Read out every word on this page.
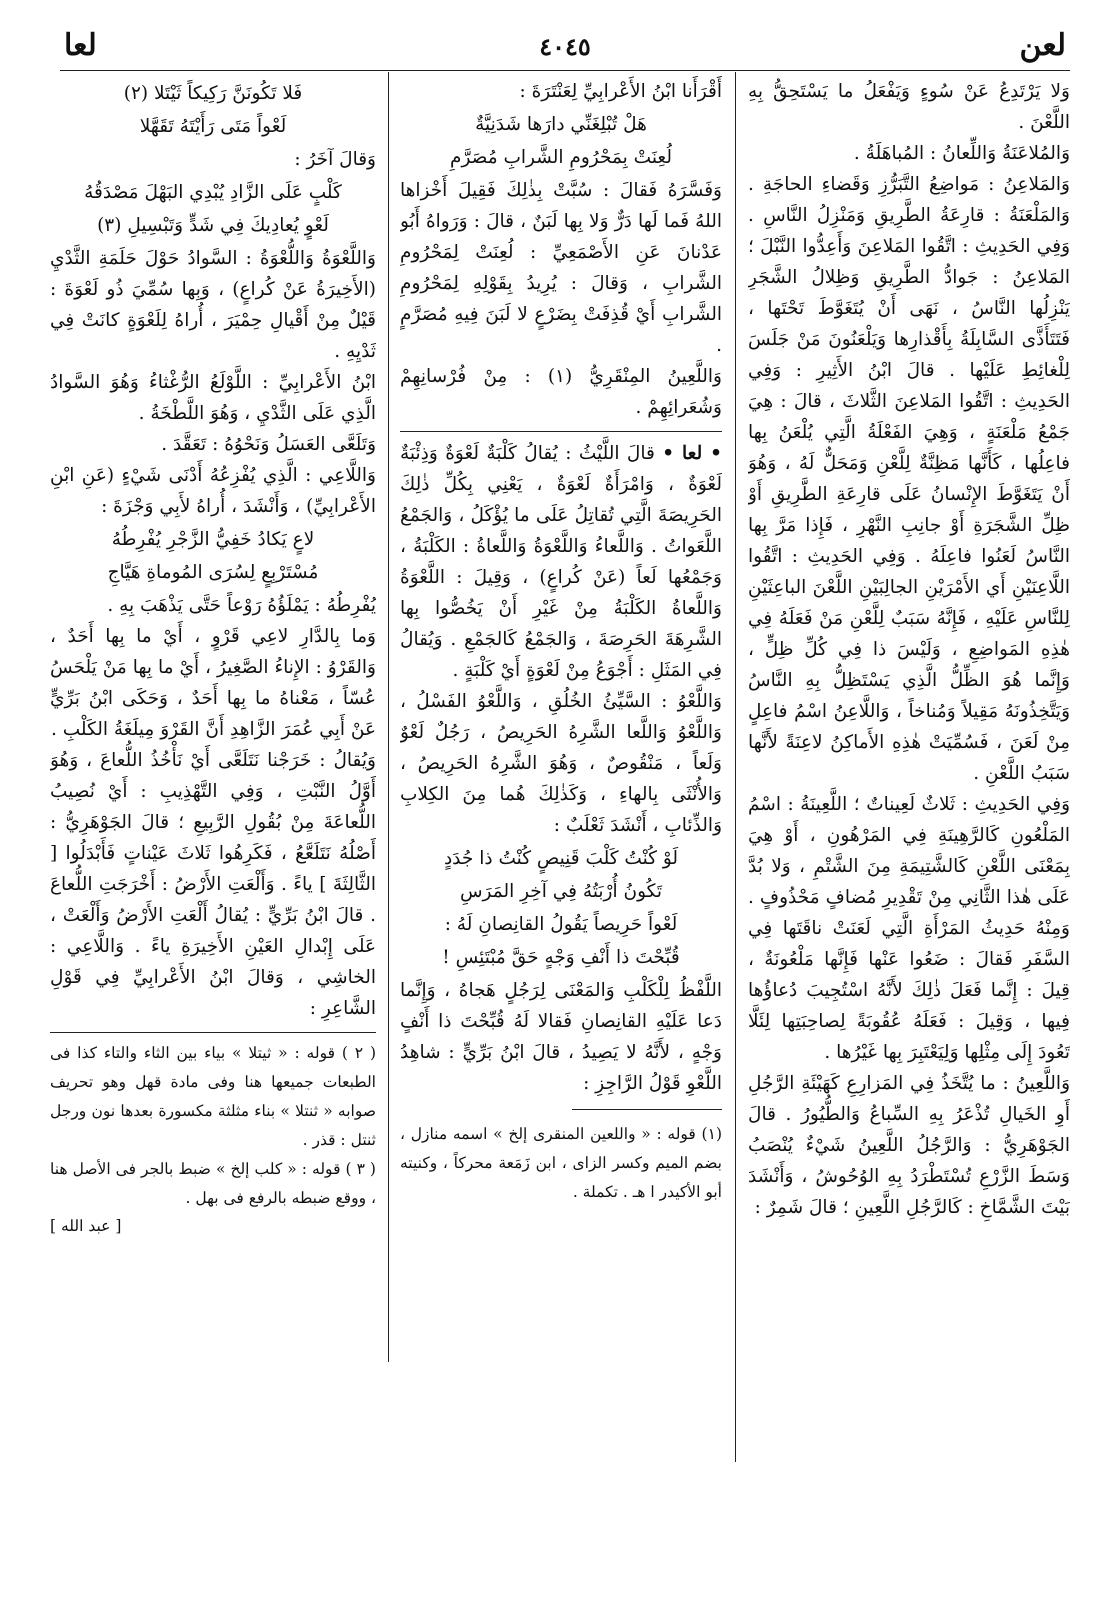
لعا	٤٠٤٥	لعن

وَلا يَرْتَدِعُ عَنْ سُوءٍ وَيَفْعَلُ ما يَسْتَحِقُّ بِهِ اللَّعْنَ .

وَالمُلاعَنَةُ وَاللِّعانُ : المُباهَلَةُ .

وَالمَلاعِنُ : مَواضِعُ التَّبَرُّزِ وَقَضاءِ الحاجَةِ . وَالمَلْعَنَةُ : قارِعَةُ الطَّرِيقِ وَمَنْزِلُ النَّاسِ . وَفِي الحَدِيثِ : اتَّقُوا المَلاعِنَ وَأَعِدُّوا النَّبْلَ ؛ المَلاعِنُ : جَوادُّ الطَّرِيقِ وَظِلالُ الشَّجَرِ يَنْزِلُها النَّاسُ ، نَهَى أَنْ يُتَغَوَّطَ تَحْتَها ، فَتَتَأَذَّى السَّابِلَةُ بِأَقْذارِها وَيَلْعَنُونَ مَنْ جَلَسَ لِلْغائِطِ عَلَيْها . قالَ ابْنُ الأَثِيرِ : وَفِي الحَدِيثِ : اتَّقُوا المَلاعِنَ الثَّلاثَ ، قالَ : هِيَ جَمْعُ مَلْعَنَةٍ ، وَهِيَ الفَعْلَةُ الَّتِي يُلْعَنُ بِها فاعِلُها ، كَأَنَّها مَظِنَّةٌ لِلَّعْنِ وَمَحَلٌّ لَهُ ، وَهُوَ أَنْ يَتَغَوَّطَ الإِنْسانُ عَلَى قارِعَةِ الطَّرِيقِ أَوْ ظِلِّ الشَّجَرَةِ أَوْ جانِبِ النَّهْرِ ، فَإِذا مَرَّ بِها النَّاسُ لَعَنُوا فاعِلَهُ . وَفِي الحَدِيثِ : اتَّقُوا اللَّاعِنَيْنِ أَي الأَمْرَيْنِ الجالِبَيْنِ اللَّعْنَ الباعِثَيْنِ لِلنَّاسِ عَلَيْهِ ، فَإِنَّهُ سَبَبٌ لِلَّعْنِ مَنْ فَعَلَهُ فِي هٰذِهِ المَواضِعِ ، وَلَيْسَ ذا فِي كُلِّ ظِلٍّ ، وَإِنَّما هُوَ الظِّلُّ الَّذِي يَسْتَظِلُّ بِهِ النَّاسُ وَيَتَّخِذُونَهُ مَقِيلاً وَمُناخاً ، وَاللَّاعِنُ اسْمُ فاعِلٍ مِنْ لَعَنَ ، فَسُمِّيَتْ هٰذِهِ الأَماكِنُ لاعِنَةً لأَنَّها سَبَبُ اللَّعْنِ .

وَفِي الحَدِيثِ : ثَلاثٌ لَعِيناتٌ ؛ اللَّعِينَةُ : اسْمُ المَلْعُونِ كَالرَّهِينَةِ فِي المَرْهُونِ ، أَوْ هِيَ بِمَعْنَى اللَّعْنِ كَالشَّتِيمَةِ مِنَ الشَّتْمِ ، وَلا بُدَّ عَلَى هٰذا الثَّانِي مِنْ تَقْدِيرِ مُضافٍ مَحْذُوفٍ . وَمِنْهُ حَدِيثُ المَرْأَةِ الَّتِي لَعَنَتْ ناقَتَها فِي السَّفَرِ فَقالَ : ضَعُوا عَنْها فَإِنَّها مَلْعُونَةٌ ، قِيلَ : إِنَّما فَعَلَ ذٰلِكَ لأَنَّهُ اسْتُجِيبَ دُعاؤُها فِيها ، وَقِيلَ : فَعَلَهُ عُقُوبَةً لِصاحِبَتِها لِئَلَّا تَعُودَ إِلَى مِثْلِها وَلِيَعْتَبِرَ بِها غَيْرُها .

وَاللَّعِينُ : ما يُتَّخَذُ فِي المَزارِعِ كَهَيْئَةِ الرَّجُلِ أَوِ الخَيالِ تُذْعَرُ بِهِ السِّباعُ وَالطُّيُورُ . قالَ الجَوْهَرِيُّ : وَالرَّجُلُ اللَّعِينُ شَيْءٌ يُنْصَبُ وَسَطَ الزَّرْعِ تُسْتَطْرَدُ بِهِ الوُحُوشُ ، وَأَنْشَدَ بَيْتَ الشَّمَّاخِ : كَالرَّجُلِ اللَّعِينِ ؛ قالَ شَمِرٌ :

أَقْرَأَنا ابْنُ الأَعْرابِيِّ لِعَنْتَرَةَ :

هَلْ تُبْلِغَنِّي دارَها شَدَنِيَّةٌ

لُعِنَتْ بِمَحْرُومِ الشَّرابِ مُصَرَّمِ

وَفَسَّرَهُ فَقالَ : سُبَّتْ بِذٰلِكَ فَقِيلَ أَخْزاها اللهُ فَما لَها دَرٌّ وَلا بِها لَبَنٌ ، قالَ : وَرَواهُ أَبُو عَدْنانَ عَنِ الأَصْمَعِيِّ : لُعِنَتْ لِمَحْرُومِ الشَّرابِ ، وَقالَ : يُرِيدُ بِقَوْلِهِ لِمَحْرُومِ الشَّرابِ أَيْ قُذِفَتْ بِضَرْعٍ لا لَبَنَ فِيهِ مُصَرَّمٍ .

وَاللَّعِينُ المِنْقَرِيُّ (١) : مِنْ فُرْسانِهِمْ وَشُعَرائِهِمْ .

• لعا • قالَ اللَّيْثُ : يُقالُ كَلْبَةٌ لَعْوَةٌ وَذِئْبَةٌ لَعْوَةٌ ، وَامْرَأَةٌ لَعْوَةٌ ، يَعْنِي بِكُلِّ ذٰلِكَ الحَرِيصَةَ الَّتِي تُقاتِلُ عَلَى ما يُؤْكَلُ ، وَالجَمْعُ اللَّعَواتُ . وَاللَّعاءُ وَاللَّعْوَةُ وَاللَّعاةُ : الكَلْبَةُ ، وَجَمْعُها لَعاً (عَنْ كُراعٍ) ، وَقِيلَ : اللَّعْوَةُ وَاللَّعاةُ الكَلْبَةُ مِنْ غَيْرِ أَنْ يَخُصُّوا بِها الشَّرِهَةَ الحَرِصَةَ ، وَالجَمْعُ كَالجَمْعِ . وَيُقالُ فِي المَثَلِ : أَجْوَعُ مِنْ لَعْوَةٍ أَيْ كَلْبَةٍ .

وَاللَّعْوُ : السَّيِّئُ الخُلُقِ ، وَاللَّعْوُ الفَسْلُ ، وَاللَّعْوُ وَاللَّعا الشَّرِهُ الحَرِيصُ ، رَجُلٌ لَعْوٌ وَلَعاً ، مَنْقُوصٌ ، وَهُوَ الشَّرِهُ الحَرِيصُ ، وَالأُنْثَى بِالهاءِ ، وَكَذٰلِكَ هُما مِنَ الكِلابِ وَالذِّئابِ ، أَنْشَدَ ثَعْلَبٌ :

لَوْ كُنْتُ كَلْبَ قَنِيصٍ كُنْتُ ذا جُدَدٍ

تَكُونُ أُرْبَتُهُ فِي آخِرِ المَرَسِ

لَعْواً حَرِيصاً يَقُولُ القانِصانِ لَهُ :

قُبِّحْتَ ذا أَنْفِ وَجْهٍ حَقَّ مُبْتَئِسِ !

اللَّفْظُ لِلْكَلْبِ وَالمَعْنَى لِرَجُلٍ هَجاهُ ، وَإِنَّما دَعا عَلَيْهِ القانِصانِ فَقالا لَهُ قُبِّحْتَ ذا أَنْفٍ وَجْهٍ ، لأَنَّهُ لا يَصِيدُ ، قالَ ابْنُ بَرِّيٍّ : شاهِدُ اللَّعْوِ قَوْلُ الرَّاجِزِ :

(١) قوله : « واللعين المنقرى إلخ » اسمه منازل ، بضم الميم وكسر الزاى ، ابن زَمَعة محركاً ، وكنيته أبو الأكيدر ا هـ . تكملة .

فَلا تَكُونَنَّ رَكِيكاً ثَيْتَلا (٢)

لَعْواً مَتَى رَأَيْتَهُ تَقَهَّلا

وَقالَ آخَرُ :

كَلْبٍ عَلَى الزَّادِ يُبْدِي البَهْلَ مَصْدَقُهُ

لَعْوٍ يُعادِيكَ فِي شَدٍّ وَتَبْسِيلِ (٣)

وَاللَّعْوَةُ وَاللُّعْوَةُ : السَّوادُ حَوْلَ حَلَمَةِ الثَّدْيِ (الأَخِيرَةُ عَنْ كُراعٍ) ، وَبِها سُمِّيَ ذُو لَعْوَةَ : قَيْلٌ مِنْ أَقْيالِ حِمْيَرَ ، أُراهُ لِلَعْوَةٍ كانَتْ فِي ثَدْيِهِ .

ابْنُ الأَعْرابِيِّ : اللَّوْلَعُ الرُّغْثاءُ وَهُوَ السَّوادُ الَّذِي عَلَى الثَّدْيِ ، وَهُوَ اللَّطْخَةُ .

وَتَلَعَّى العَسَلُ وَنَحْوُهُ : تَعَقَّدَ .

وَاللَّاعِي : الَّذِي يُفْزِعُهُ أَدْنَى شَيْءٍ (عَنِ ابْنِ الأَعْرابِيِّ) ، وَأَنْشَدَ ، أُراهُ لأَبِي وَجْزَةَ :

لاعٍ يَكادُ خَفِيُّ الزَّجْرِ يُفْرِطُهُ

مُسْتَرْبِعٍ لِسُرَى المُوماةِ هَيَّاجِ

يُفْرِطُهُ : يَمْلَؤُهُ رَوْعاً حَتَّى يَذْهَبَ بِهِ .

وَما بِالدَّارِ لاعِي قَرْوٍ ، أَيْ ما بِها أَحَدٌ ، وَالقَرْوُ : الإِناءُ الصَّغِيرُ ، أَيْ ما بِها مَنْ يَلْحَسُ عُسّاً ، مَعْناهُ ما بِها أَحَدٌ ، وَحَكَى ابْنُ بَرِّيٍّ عَنْ أَبِي عُمَرَ الزَّاهِدِ أَنَّ القَرْوَ مِيلَغَةُ الكَلْبِ .

وَيُقالُ : خَرَجْنا نَتَلَعَّى أَيْ نَأْخُذُ اللُّعاعَ ، وَهُوَ أَوَّلُ النَّبْتِ ، وَفِي التَّهْذِيبِ : أَيْ نُصِيبُ اللُّعاعَةَ مِنْ بُقُولِ الرَّبِيعِ ؛ قالَ الجَوْهَرِيُّ : أَصْلُهُ نَتَلَعَّعُ ، فَكَرِهُوا ثَلاثَ عَيْناتٍ فَأَبْدَلُوا [ الثَّالِثَةَ ] ياءً . وَأَلْعَتِ الأَرْضُ : أَخْرَجَتِ اللُّعاعَ . قالَ ابْنُ بَرِّيٍّ : يُقالُ أَلْعَتِ الأَرْضُ وَأَلْعَتْ ، عَلَى إِبْدالِ العَيْنِ الأَخِيرَةِ ياءً . وَاللَّاعِي : الخاشِي ، وَقالَ ابْنُ الأَعْرابِيِّ فِي قَوْلِ الشَّاعِرِ :

( ٢ ) قوله : « ثيتلا » بياء بين الثاء والتاء كذا فى الطبعات جميعها هنا وفى مادة قهل وهو تحريف صوابه « ثنتلا » بناء مثلثة مكسورة بعدها نون ورجل ثنتل : قذر .

( ٣ ) قوله : « كلب إلخ » ضبط بالجر فى الأصل هنا ، ووقع ضبطه بالرفع فى بهل .

[ عبد الله ]
